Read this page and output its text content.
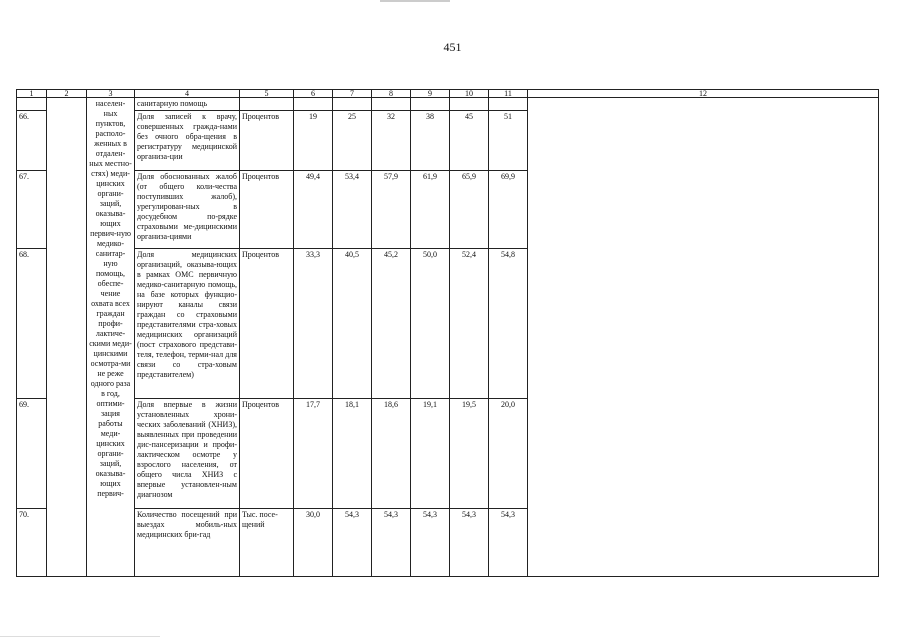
451
1	2	3	4	5	6	7	8	9	10	11	12
		населен-ных пунктов, располо-женных в отдален-ных местно-стях) меди-цинских органи-заций, оказыва-ющих первич-ную медико-санитар-ную помощь, обеспе-чение охвата всех граждан профи-лактиче-скими меди-цинскими осмотра-ми не реже одного раза в год, оптими-зация работы меди-цинских органи-заций, оказыва-ющих первич-	санитарную помощь								
66.			Доля записей к врачу, совершенных гражда-нами без очного обра-щения в регистратуру медицинской организа-ции	Процентов	19	25	32	38	45	51	
67.			Доля обоснованных жалоб (от общего коли-чества поступивших жалоб), урегулирован-ных в досудебном по-рядке страховыми ме-дицинскими организа-циями	Процентов	49,4	53,4	57,9	61,9	65,9	69,9	
68.			Доля медицинских организаций, оказыва-ющих в рамках ОМС первичную медико-санитарную помощь, на базе которых функцио-нируют каналы связи граждан со страховыми представителями стра-ховых медицинских организаций (пост страхового представи-теля, телефон, терми-нал для связи со стра-ховым представителем)	Процентов	33,3	40,5	45,2	50,0	52,4	54,8	
69.			Доля впервые в жизни установленных хрони-ческих заболеваний (ХНИЗ), выявленных при проведении дис-пансеризации и профи-лактическом осмотре у взрослого населения, от общего числа ХНИЗ с впервые установлен-ным диагнозом	Процентов	17,7	18,1	18,6	19,1	19,5	20,0	
70.			Количество посещений при выездах мобиль-ных медицинских бри-гад	Тыс. посе-щений	30,0	54,3	54,3	54,3	54,3	54,3	
